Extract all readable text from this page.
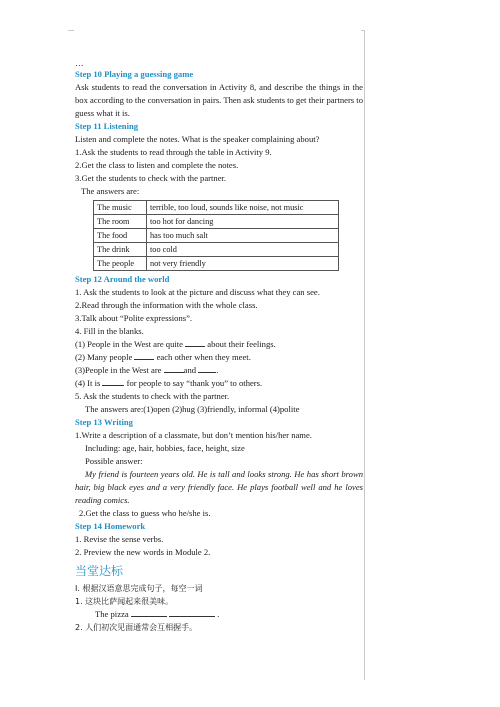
…
Step 10 Playing a guessing game
Ask students to read the conversation in Activity 8, and describe the things in the box according to the conversation in pairs. Then ask students to get their partners to guess what it is.
Step 11 Listening
Listen and complete the notes. What is the speaker complaining about?
1.Ask the students to read through the table in Activity 9.
2.Get the class to listen and complete the notes.
3.Get the students to check with the partner.
The answers are:
The music	terrible, too loud, sounds like noise, not music
The room	too hot for dancing
The food	has too much salt
The drink	too cold
The people	not very friendly
Step 12 Around the world
1. Ask the students to look at the picture and discuss what they can see.
2.Read through the information with the whole class.
3.Talk about “Polite expressions”.
4. Fill in the blanks.
(1) People in the West are quite  about their feelings.
(2) Many people  each other when they meet.
(3)People in the West are and .
(4) It is	for people to say “thank you” to others.
5. Ask the students to check with the partner.
The answers are:(1)open (2)hug (3)friendly, informal (4)polite
Step 13 Writing
1.Write a description of a classmate, but don’t mention his/her name.
Including: age, hair, hobbies, face, height, size
Possible answer:
My friend is fourteen years old. He is tall and looks strong. He has short brown hair, big black eyes and a very friendly face. He plays football well and he loves reading comics.
2.Get the class to guess who he/she is.
Step 14 Homework
1. Revise the sense verbs.
2. Preview the new words in Module 2.
当堂达标
Ⅰ. 根据汉语意思完成句子，每空一词
1. 这块比萨闻起来很美味。
The pizza	.
2. 人们初次见面通常会互相握手。
